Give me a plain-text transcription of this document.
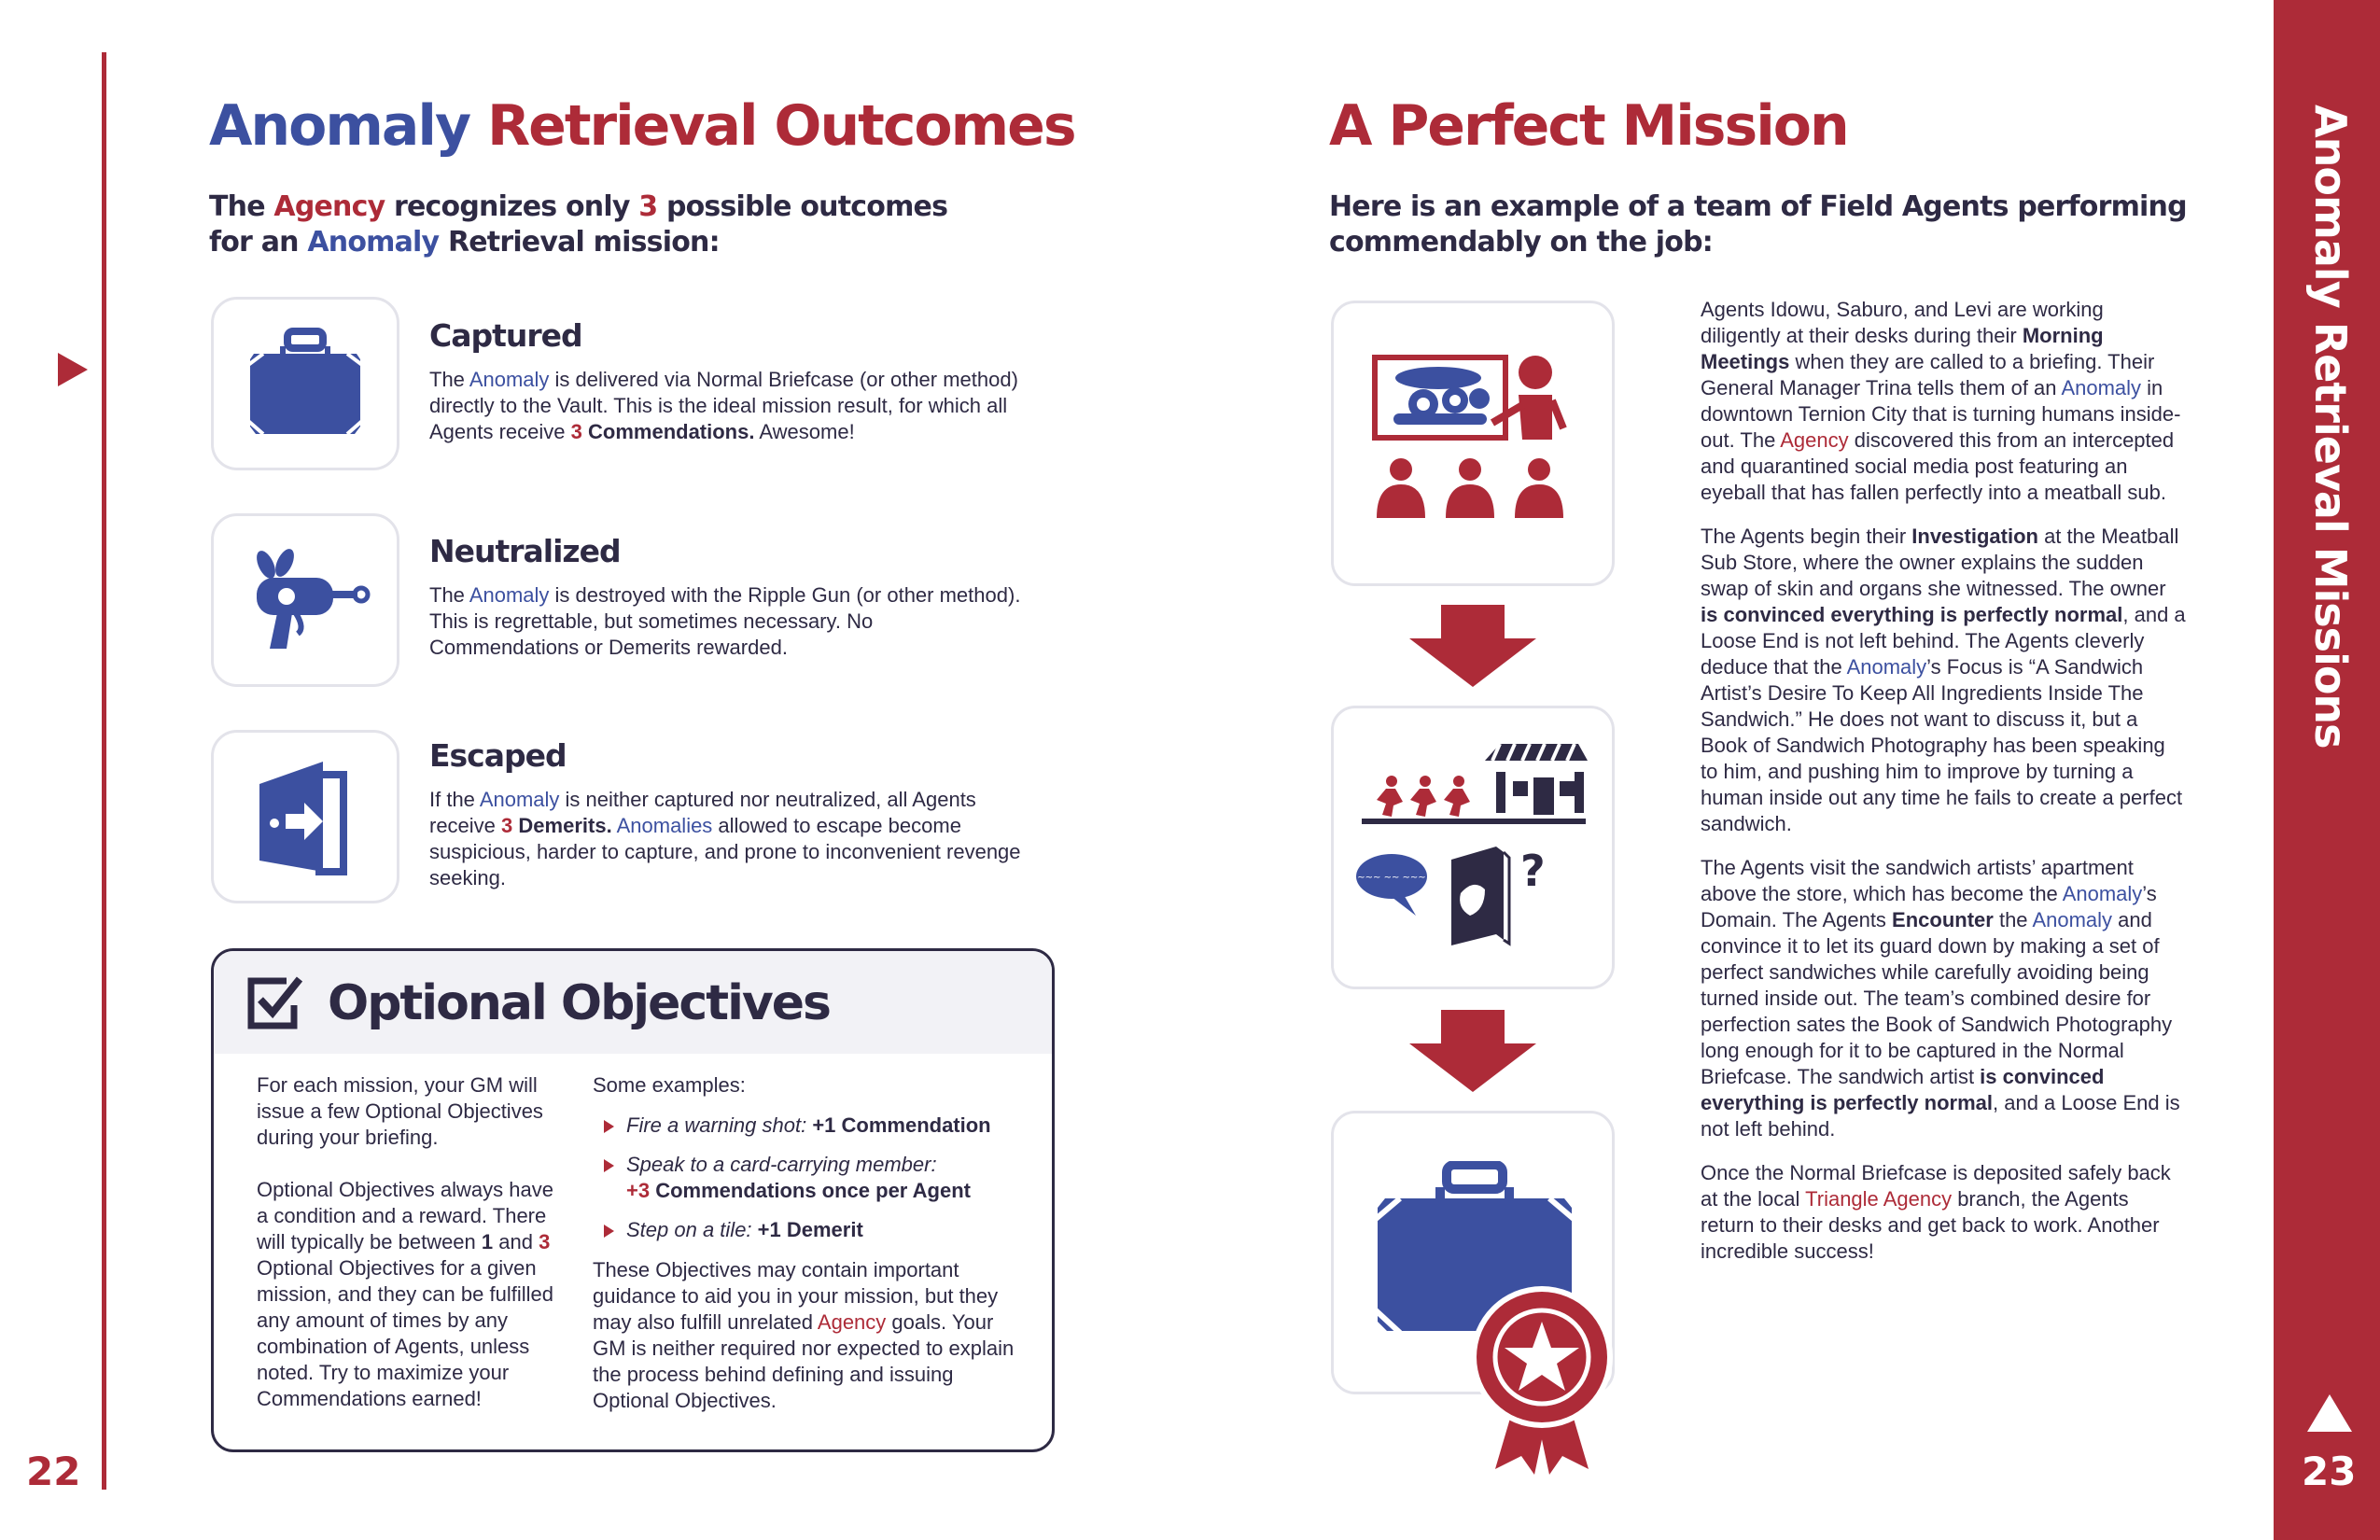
22
Anomaly Retrieval Outcomes
The Agency recognizes only 3 possible outcomes
for an Anomaly Retrieval mission:
Captured
The Anomaly is delivered via Normal Briefcase (or other method) directly to the Vault. This is the ideal mission result, for which all Agents receive 3 Commendations. Awesome!
Neutralized
The Anomaly is destroyed with the Ripple Gun (or other method). This is regrettable, but sometimes necessary. No Commendations or Demerits rewarded.
Escaped
If the Anomaly is neither captured nor neutralized, all Agents receive 3 Demerits. Anomalies allowed to escape become suspicious, harder to capture, and prone to inconvenient revenge seeking.
Optional Objectives
For each mission, your GM will issue a few Optional Objectives during your briefing.
Optional Objectives always have a condition and a reward. There will typically be between 1 and 3 Optional Objectives for a given mission, and they can be fulfilled any amount of times by any combination of Agents, unless noted. Try to maximize your Commendations earned!
Some examples:
Fire a warning shot: +1 Commendation
Speak to a card-carrying member:
+3 Commendations once per Agent
Step on a tile: +1 Demerit
These Objectives may contain important guidance to aid you in your mission, but they may also fulfill unrelated Agency goals. Your GM is neither required nor expected to explain the process behind defining and issuing Optional Objectives.
A Perfect Mission
Here is an example of a team of Field Agents performing
commendably on the job:
~~~ ~~ ~~~ ?

Agents Idowu, Saburo, and Levi are working diligently at their desks during their Morning Meetings when they are called to a briefing. Their General Manager Trina tells them of an Anomaly in downtown Ternion City that is turning humans inside-out. The Agency discovered this from an intercepted and quarantined social media post featuring an eyeball that has fallen perfectly into a meatball sub.

The Agents begin their Investigation at the Meatball Sub Store, where the owner explains the sudden swap of skin and organs she witnessed. The owner is convinced everything is perfectly normal, and a Loose End is not left behind. The Agents cleverly deduce that the Anomaly’s Focus is “A Sandwich Artist’s Desire To Keep All Ingredients Inside The Sandwich.” He does not want to discuss it, but a Book of Sandwich Photography has been speaking to him, and pushing him to improve by turning a human inside out any time he fails to create a perfect sandwich.

The Agents visit the sandwich artists’ apartment above the store, which has become the Anomaly’s Domain. The Agents Encounter the Anomaly and convince it to let its guard down by making a set of perfect sandwiches while carefully avoiding being turned inside out. The team’s combined desire for perfection sates the Book of Sandwich Photography long enough for it to be captured in the Normal Briefcase. The sandwich artist is convinced everything is perfectly normal, and a Loose End is not left behind.

Once the Normal Briefcase is deposited safely back at the local Triangle Agency branch, the Agents return to their desks and get back to work. Another incredible success!

Anomaly Retrieval Missions
23
